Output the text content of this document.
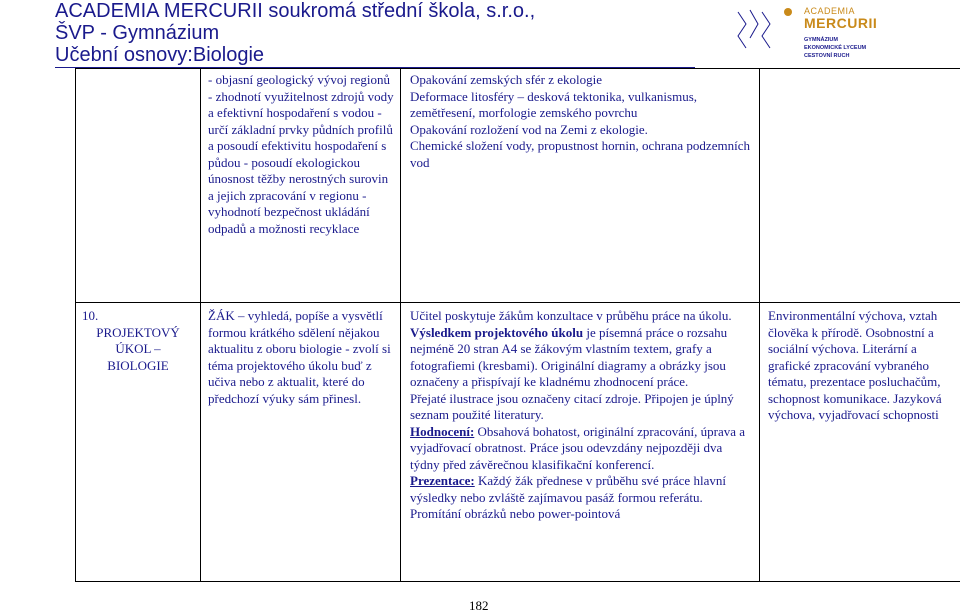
ACADEMIA MERCURII soukromá střední škola, s.r.o.,
ŠVP - Gymnázium
Učební osnovy:Biologie
ACADEMIA
MERCURII
GYMNÁZIUM
EKONOMICKÉ LYCEUM
CESTOVNÍ RUCH

- objasní geologický vývoj regionů - zhodnotí využitelnost zdrojů vody a efektivní hospodaření s vodou - určí základní prvky půdních profilů a posoudí efektivitu hospodaření s půdou - posoudí ekologickou únosnost těžby nerostných surovin a jejich zpracování v regionu - vyhodnotí bezpečnost ukládání odpadů a možnosti recyklace

Opakování zemských sfér z ekologie

Deformace litosféry – desková tektonika, vulkanismus, zemětřesení, morfologie zemského povrchu

Opakování rozložení vod na Zemi z ekologie.

Chemické složení vody, propustnost hornin, ochrana podzemních vod

10.

PROJEKTOVÝ

ÚKOL –

BIOLOGIE

ŽÁK – vyhledá, popíše a vysvětlí formou krátkého sdělení nějakou aktualitu z oboru biologie - zvolí si téma projektového úkolu buď z učiva nebo z aktualit, které do předchozí výuky sám přinesl.

Učitel poskytuje žákům konzultace v průběhu práce na úkolu.

Výsledkem projektového úkolu je písemná práce o rozsahu nejméně 20 stran A4 se žákovým vlastním textem, grafy a fotografiemi (kresbami). Originální diagramy a obrázky jsou označeny a přispívají ke kladnému zhodnocení práce.

Přejaté ilustrace jsou označeny citací zdroje. Připojen je úplný seznam použité literatury.

Hodnocení: Obsahová bohatost, originální zpracování, úprava a vyjadřovací obratnost. Práce jsou odevzdány nejpozději dva týdny před závěrečnou klasifikační konferencí.

Prezentace: Každý žák přednese v průběhu své práce hlavní výsledky nebo zvláště zajímavou pasáž formou referátu. Promítání obrázků nebo power-pointová

Environmentální výchova, vztah člověka k přírodě. Osobnostní a sociální výchova. Literární a grafické zpracování vybraného tématu, prezentace posluchačům, schopnost komunikace. Jazyková výchova, vyjadřovací schopnosti

182
